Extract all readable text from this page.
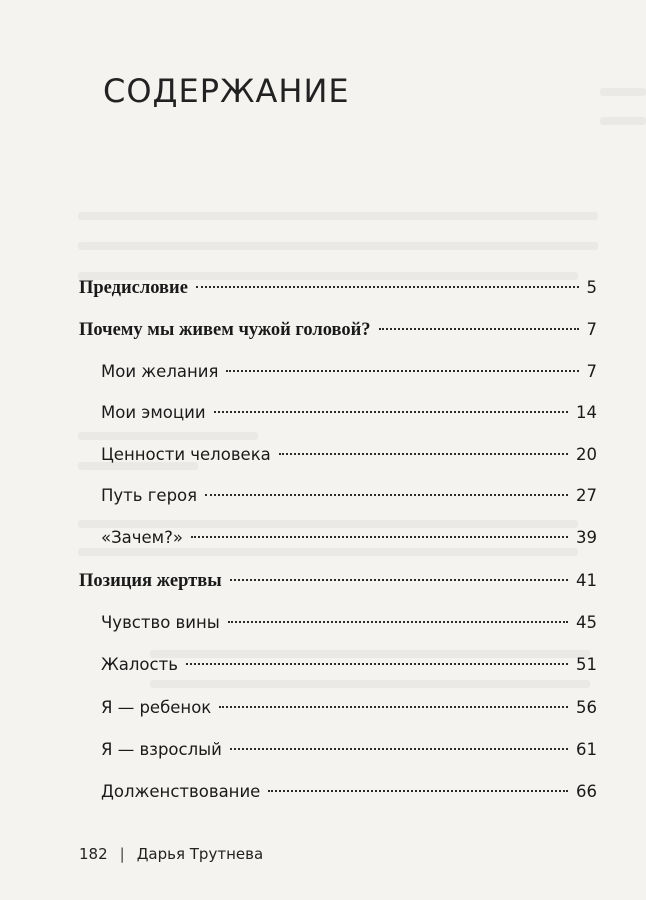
СОДЕРЖАНИЕ
Предисловие	5
Почему мы живем чужой головой?	7
Мои желания	7
Мои эмоции	14
Ценности человека	20
Путь героя	27
«Зачем?»	39
Позиция жертвы	41
Чувство вины	45
Жалость	51
Я — ребенок	56
Я — взрослый	61
Долженствование	66
182 | Дарья Трутнева
